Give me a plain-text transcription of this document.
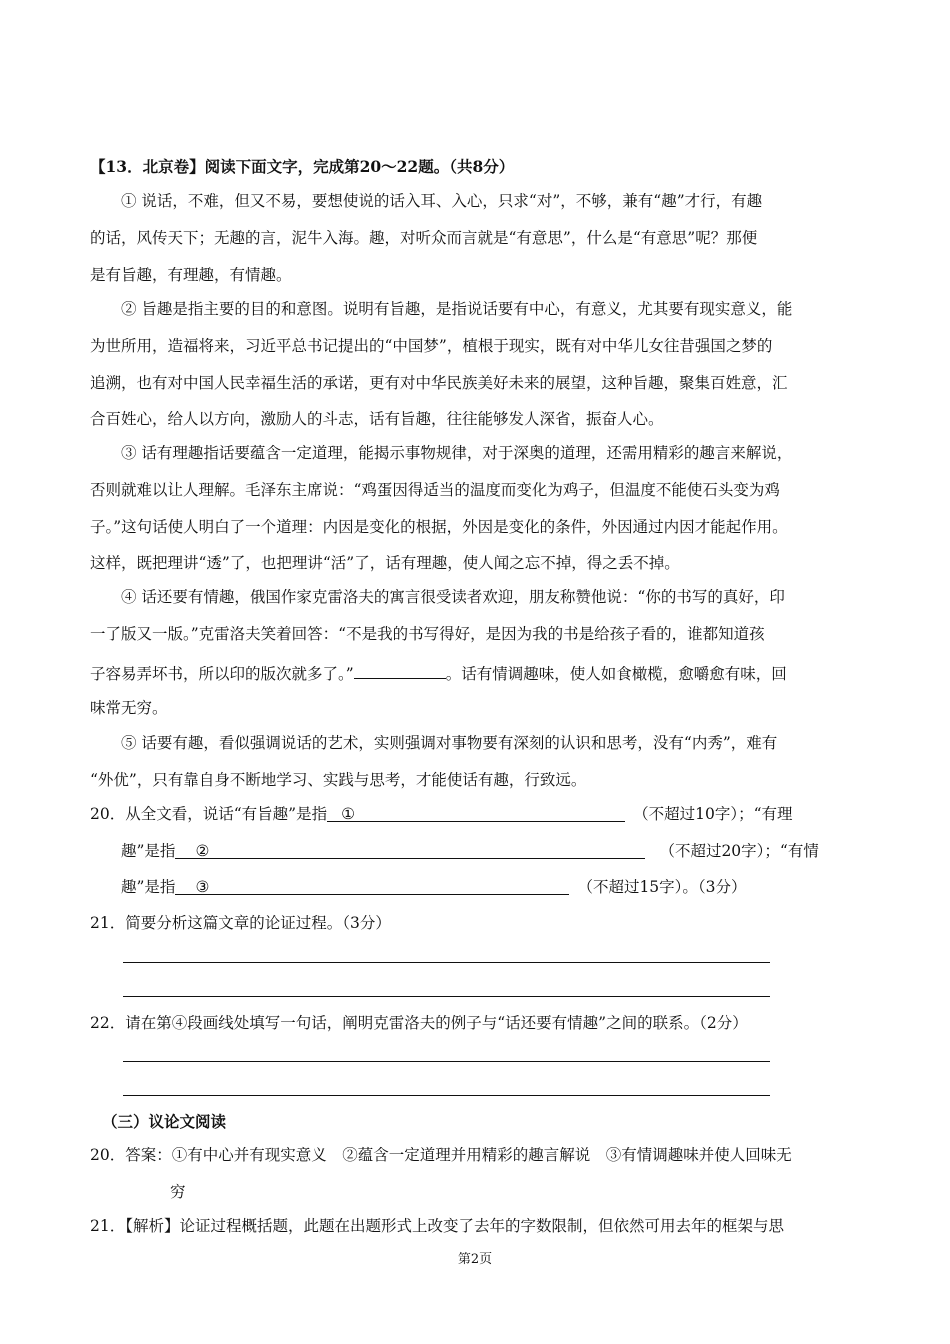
【13．北京卷】阅读下面文字，完成第20～22题。（共8分）
① 说话，不难，但又不易，要想使说的话入耳、入心，只求“对”，不够，兼有“趣”才行，有趣
的话，风传天下；无趣的言，泥牛入海。趣，对听众而言就是“有意思”，什么是“有意思”呢？那便
是有旨趣，有理趣，有情趣。
② 旨趣是指主要的目的和意图。说明有旨趣，是指说话要有中心，有意义，尤其要有现实意义，能
为世所用，造福将来，习近平总书记提出的“中国梦”，植根于现实，既有对中华儿女往昔强国之梦的
追溯，也有对中国人民幸福生活的承诺，更有对中华民族美好未来的展望，这种旨趣，聚集百姓意，汇
合百姓心，给人以方向，激励人的斗志，话有旨趣，往往能够发人深省，振奋人心。
③ 话有理趣指话要蕴含一定道理，能揭示事物规律，对于深奥的道理，还需用精彩的趣言来解说，
否则就难以让人理解。毛泽东主席说：“鸡蛋因得适当的温度而变化为鸡子，但温度不能使石头变为鸡
子。”这句话使人明白了一个道理：内因是变化的根据，外因是变化的条件，外因通过内因才能起作用。
这样，既把理讲“透”了，也把理讲“活”了，话有理趣，使人闻之忘不掉，得之丢不掉。
④ 话还要有情趣，俄国作家克雷洛夫的寓言很受读者欢迎，朋友称赞他说：“你的书写的真好，印
一了版又一版。”克雷洛夫笑着回答：“不是我的书写得好，是因为我的书是给孩子看的，谁都知道孩
子容易弄坏书，所以印的版次就多了。”	。话有情调趣味，使人如食橄榄，愈嚼愈有味，回
味常无穷。
⑤ 话要有趣，看似强调说话的艺术，实则强调对事物要有深刻的认识和思考，没有“内秀”，难有
“外优”，只有靠自身不断地学习、实践与思考，才能使话有趣，行致远。
20．从全文看，说话“有旨趣”是指 ①	（不超过10字）；“有理
趣”是指 ②	（不超过20字）；“有情
趣”是指 ③	（不超过15字）。（3分）
21．简要分析这篇文章的论证过程。（3分）
22．请在第④段画线处填写一句话，阐明克雷洛夫的例子与“话还要有情趣”之间的联系。（2分）
（三）议论文阅读
20．答案：①有中心并有现实意义　②蕴含一定道理并用精彩的趣言解说　③有情调趣味并使人回味无
穷
21．【解析】论证过程概括题，此题在出题形式上改变了去年的字数限制，但依然可用去年的框架与思
第2页
